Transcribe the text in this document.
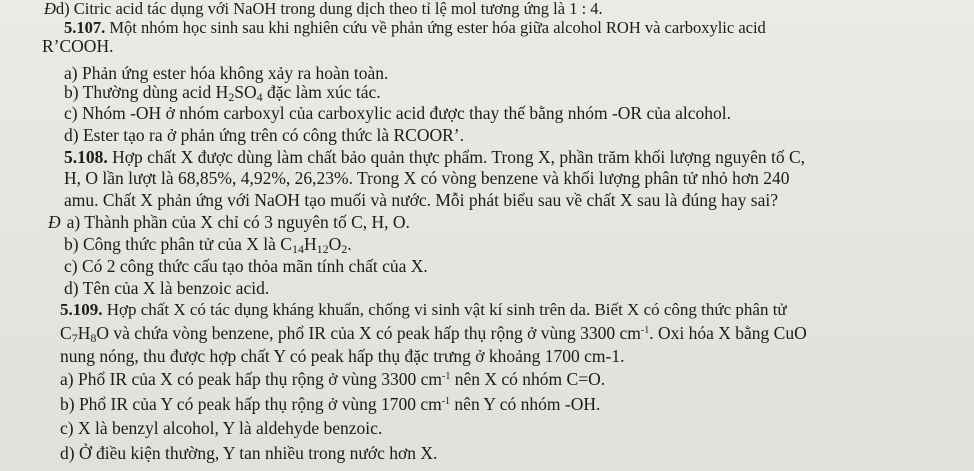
Đd) Citric acid tác dụng với NaOH trong dung dịch theo tỉ lệ mol tương ứng là 1 : 4.
5.107. Một nhóm học sinh sau khi nghiên cứu về phản ứng ester hóa giữa alcohol ROH và carboxylic acid
R’COOH.
a) Phản ứng ester hóa không xảy ra hoàn toàn.
b) Thường dùng acid $H_2SO_4$ đặc làm xúc tác.
c) Nhóm -OH ở nhóm carboxyl của carboxylic acid được thay thế bằng nhóm -OR của alcohol.
d) Ester tạo ra ở phản ứng trên có công thức là RCOOR’.
5.108. Hợp chất X được dùng làm chất bảo quản thực phẩm. Trong X, phần trăm khối lượng nguyên tố C,
H, O lần lượt là 68,85%, 4,92%, 26,23%. Trong X có vòng benzene và khối lượng phân tử nhỏ hơn 240
amu. Chất X phản ứng với NaOH tạo muối và nước. Mỗi phát biểu sau về chất X sau là đúng hay sai?
Đ a) Thành phần của X chỉ có 3 nguyên tố C, H, O.
b) Công thức phân tử của X là $C_{14}H_{12}O_2$.
c) Có 2 công thức cấu tạo thỏa mãn tính chất của X.
d) Tên của X là benzoic acid.
5.109. Hợp chất X có tác dụng kháng khuẩn, chống vi sinh vật kí sinh trên da. Biết X có công thức phân tử
$C_7H_8O$ và chứa vòng benzene, phổ IR của X có peak hấp thụ rộng ở vùng 3300 $cm^{-1}$. Oxi hóa X bằng CuO
nung nóng, thu được hợp chất Y có peak hấp thụ đặc trưng ở khoảng 1700 cm-1.
a) Phổ IR của X có peak hấp thụ rộng ở vùng 3300 $cm^{-1}$ nên X có nhóm C=O.
b) Phổ IR của Y có peak hấp thụ rộng ở vùng 1700 $cm^{-1}$ nên Y có nhóm -OH.
c) X là benzyl alcohol, Y là aldehyde benzoic.
d) Ở điều kiện thường, Y tan nhiều trong nước hơn X.
